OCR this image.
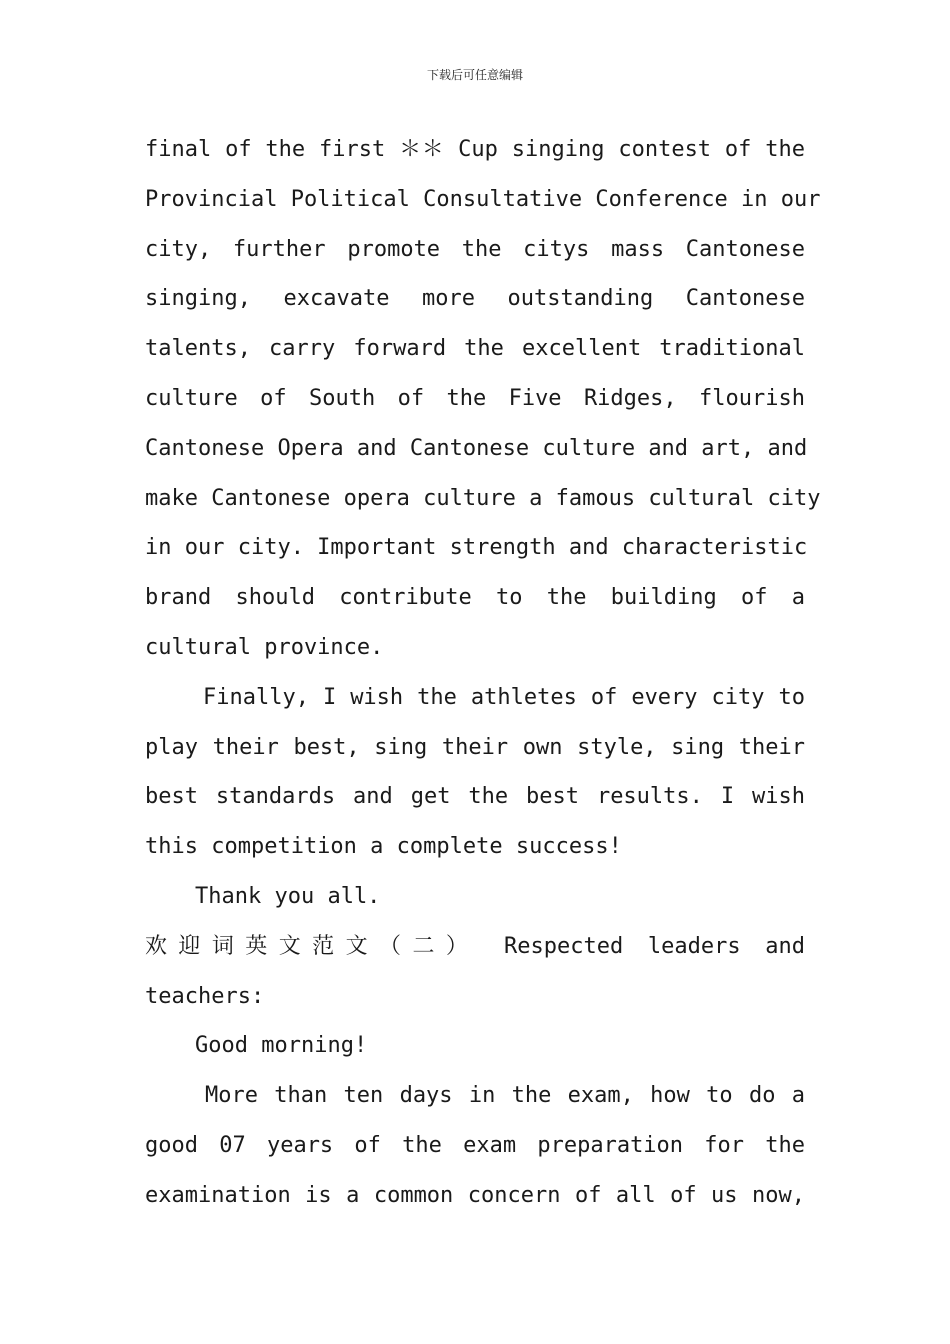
下载后可任意编辑
final of the first ＊＊ Cup singing contest of the
Provincial Political Consultative Conference in our
city, further promote the citys mass Cantonese
singing, excavate more outstanding Cantonese
talents, carry forward the excellent traditional
culture of South of the Five Ridges, flourish
Cantonese Opera and Cantonese culture and art, and
make Cantonese opera culture a famous cultural city
in our city. Important strength and characteristic
brand should contribute to the building of a
cultural province.
Finally, I wish the athletes of every city to
play their best, sing their own style, sing their
best standards and get the best results. I wish
this competition a complete success!
Thank you all.
欢迎词英文范文（二） Respected leaders and
teachers:
Good morning!
More than ten days in the exam, how to do a
good 07 years of the exam preparation for the
examination is a common concern of all of us now,
